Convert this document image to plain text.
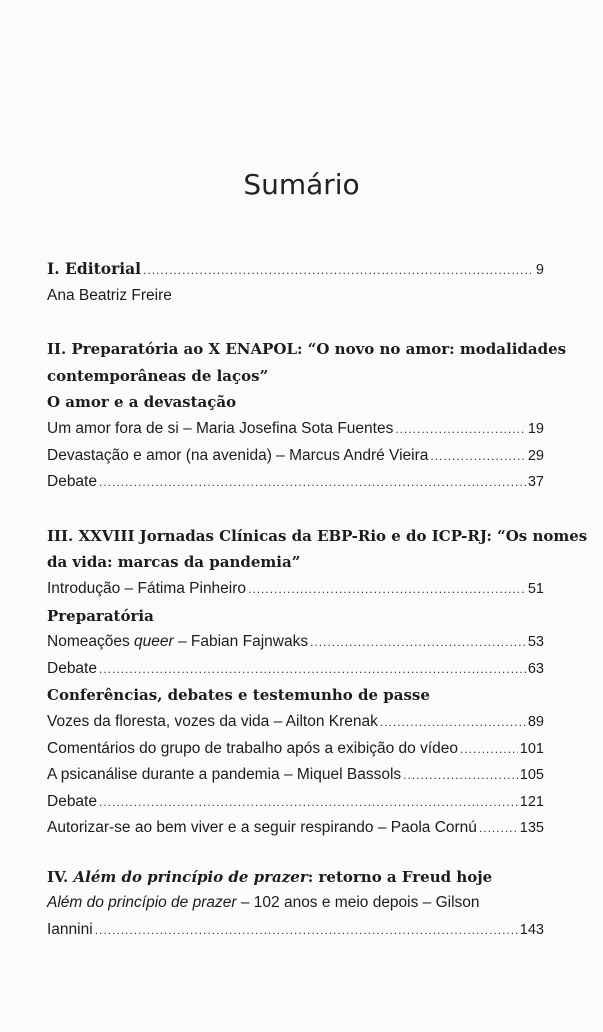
Sumário
I. Editorial .....	9
Ana Beatriz Freire
II. Preparatória ao X ENAPOL: “O novo no amor: modalidades
contemporâneas de laços”
O amor e a devastação
Um amor fora de si – Maria Josefina Sota Fuentes .....	19
Devastação e amor (na avenida) – Marcus André Vieira .....	29
Debate .....	37
III. XXVIII Jornadas Clínicas da EBP-Rio e do ICP-RJ: “Os nomes
da vida: marcas da pandemia”
Introdução – Fátima Pinheiro .....	51
Preparatória
Nomeações queer – Fabian Fajnwaks .....	53
Debate .....	63
Conferências, debates e testemunho de passe
Vozes da floresta, vozes da vida – Ailton Krenak .....	89
Comentários do grupo de trabalho após a exibição do vídeo .....	101
A psicanálise durante a pandemia – Miquel Bassols .....	105
Debate .....	121
Autorizar-se ao bem viver e a seguir respirando – Paola Cornú .....	135
IV. Além do princípio de prazer: retorno a Freud hoje
Além do princípio de prazer – 102 anos e meio depois – Gilson
Iannini .....	143
